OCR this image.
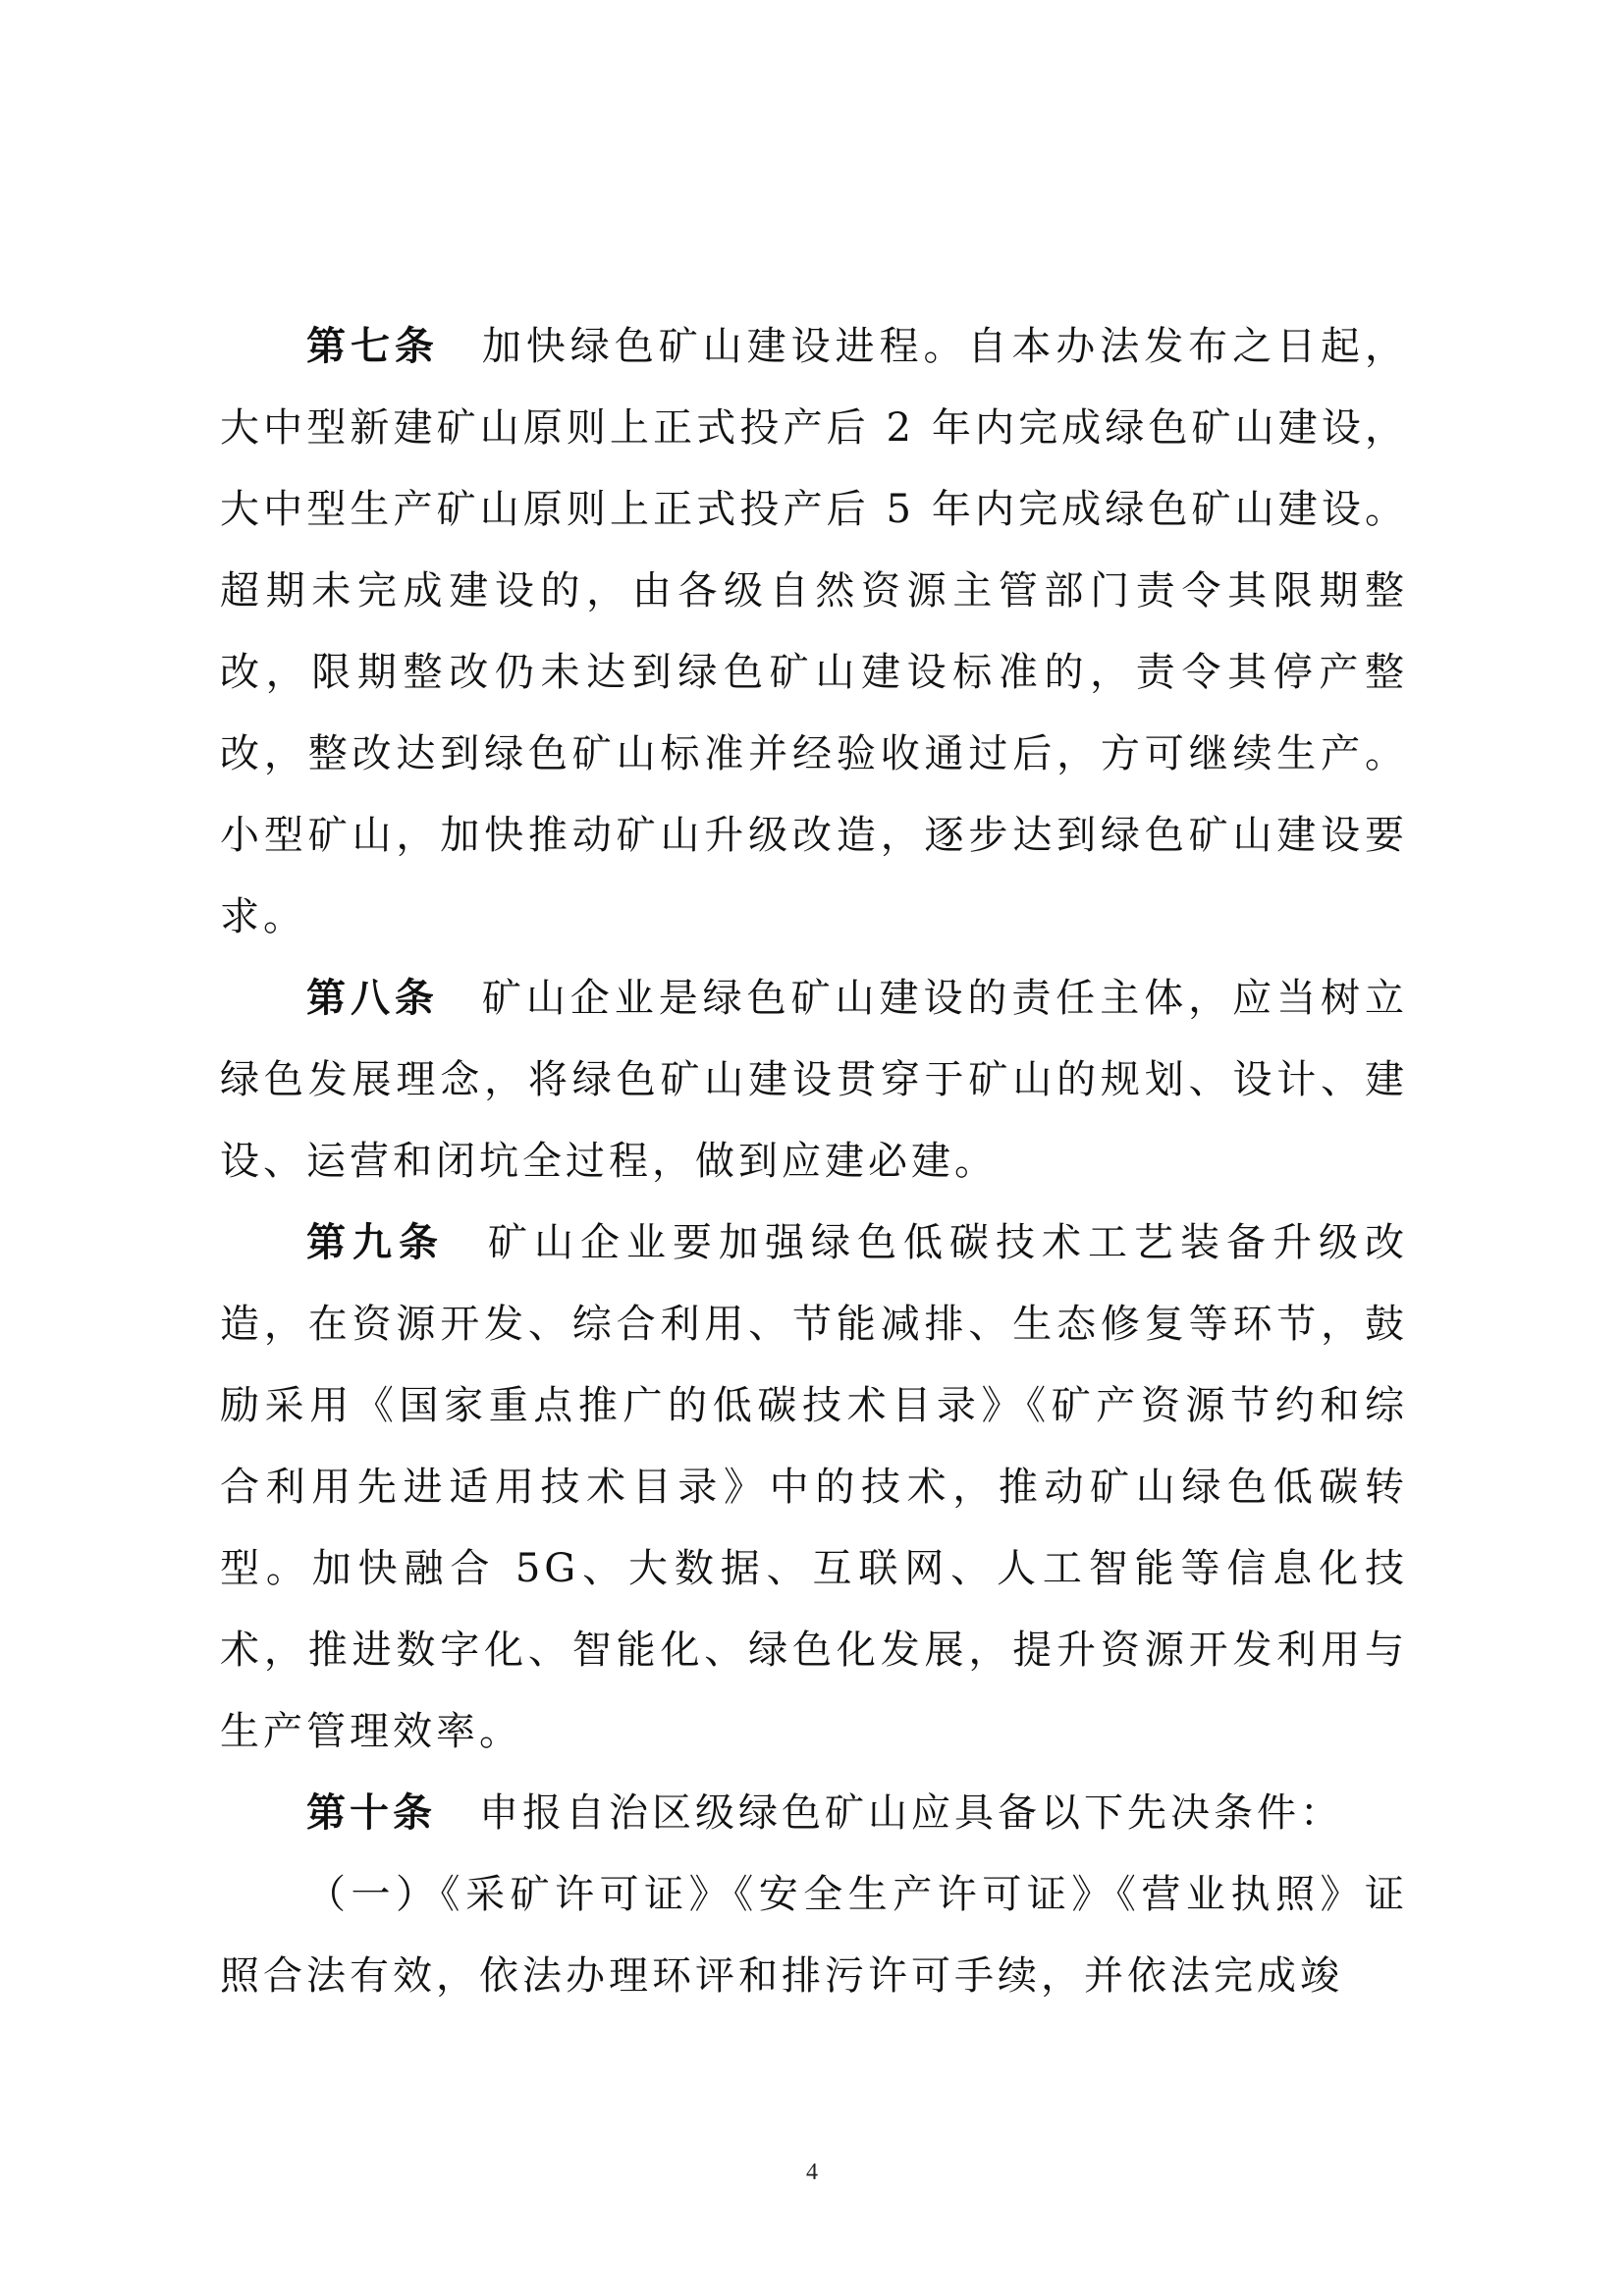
第七条 加快绿色矿山建设进程。自本办法发布之日起，大中型新建矿山原则上正式投产后 2 年内完成绿色矿山建设，大中型生产矿山原则上正式投产后 5 年内完成绿色矿山建设。超期未完成建设的，由各级自然资源主管部门责令其限期整改，限期整改仍未达到绿色矿山建设标准的，责令其停产整改，整改达到绿色矿山标准并经验收通过后，方可继续生产。小型矿山，加快推动矿山升级改造，逐步达到绿色矿山建设要求。

第八条 矿山企业是绿色矿山建设的责任主体，应当树立绿色发展理念，将绿色矿山建设贯穿于矿山的规划、设计、建设、运营和闭坑全过程，做到应建必建。

第九条 矿山企业要加强绿色低碳技术工艺装备升级改造，在资源开发、综合利用、节能减排、生态修复等环节，鼓励采用《国家重点推广的低碳技术目录》《矿产资源节约和综合利用先进适用技术目录》中的技术，推动矿山绿色低碳转型。加快融合 5G、大数据、互联网、人工智能等信息化技术，推进数字化、智能化、绿色化发展，提升资源开发利用与生产管理效率。

第十条 申报自治区级绿色矿山应具备以下先决条件：

（一）《采矿许可证》《安全生产许可证》《营业执照》证照合法有效，依法办理环评和排污许可手续，并依法完成竣

4
